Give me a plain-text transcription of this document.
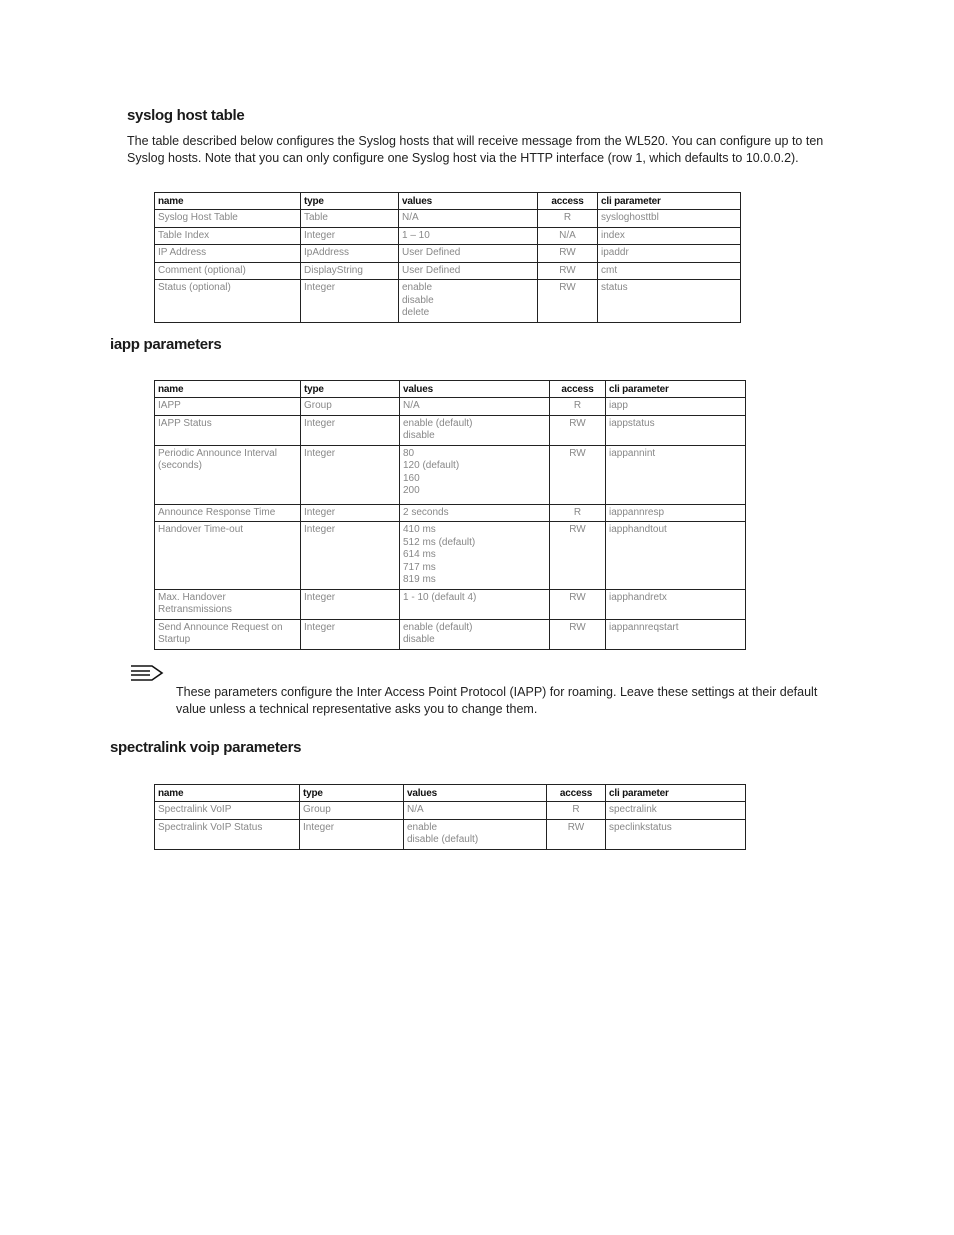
syslog host table

The table described below configures the Syslog hosts that will receive message from the WL520. You can configure up to ten
Syslog hosts. Note that you can only configure one Syslog host via the HTTP interface (row 1, which defaults to 10.0.0.2).

name	type	values	access	cli parameter
Syslog Host Table	Table	N/A	R	sysloghosttbl
Table Index	Integer	1 – 10	N/A	index
IP Address	IpAddress	User Defined	RW	ipaddr
Comment (optional)	DisplayString	User Defined	RW	cmt
Status (optional)	Integer	enable
disable
delete	RW	status
iapp parameters
name	type	values	access	cli parameter
IAPP	Group	N/A	R	iapp
IAPP Status	Integer	enable (default)
disable	RW	iappstatus
Periodic Announce Interval (seconds)	Integer	80
120 (default)
160
200	RW	iappannint
Announce Response Time	Integer	2 seconds	R	iappannresp
Handover Time-out	Integer	410 ms
512 ms (default)
614 ms
717 ms
819 ms	RW	iapphandtout
Max. Handover Retransmissions	Integer	1 - 10 (default 4)	RW	iapphandretx
Send Announce Request on Startup	Integer	enable (default)
disable	RW	iappannreqstart

These parameters configure the Inter Access Point Protocol (IAPP) for roaming. Leave these settings at their default
value unless a technical representative asks you to change them.

spectralink voip parameters
name	type	values	access	cli parameter
Spectralink VoIP	Group	N/A	R	spectralink
Spectralink VoIP Status	Integer	enable
disable (default)	RW	speclinkstatus
